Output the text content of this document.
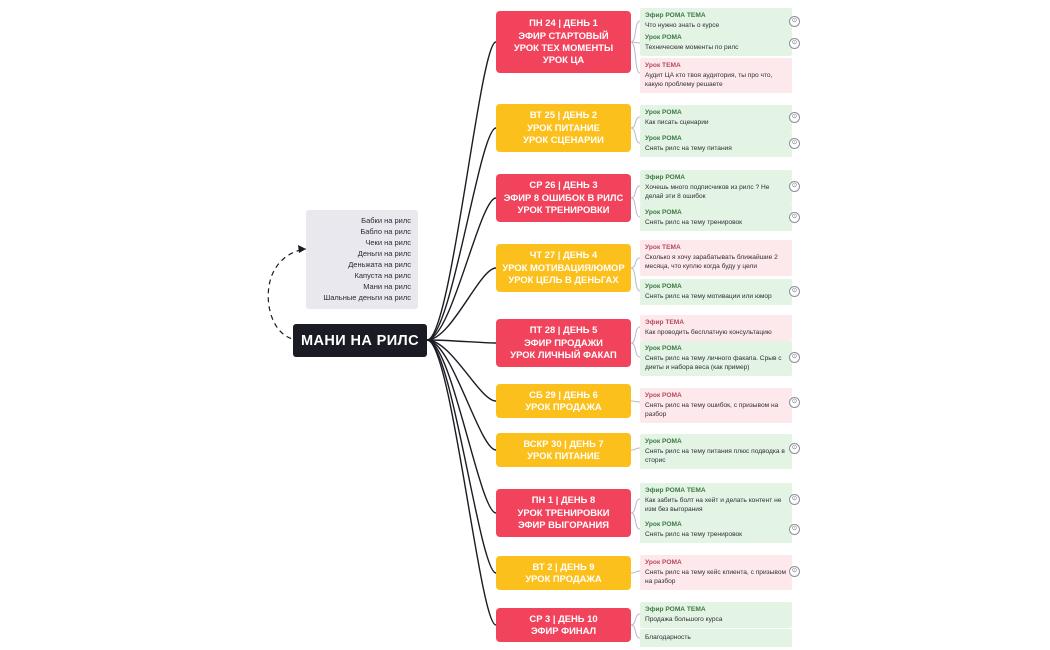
Бабки на рилс
Бабло на рилс
Чеки на рилс
Деньги на рилс
Деньжата на рилс
Капуста на рилс
Мани на рилс
Шальные деньги на рилс
МАНИ НА РИЛС
ПН 24 | ДЕНЬ 1
ЭФИР СТАРТОВЫЙ
УРОК ТЕХ МОМЕНТЫ
УРОК ЦА
Эфир РОМА ТЕМА
Что нужно знать о курсе
⊙
Урок РОМА
Технические моменты по рилс
⊙
Урок ТЕМА
Аудит ЦА кто твоя аудитория, ты про что, какую проблему решаете
ВТ 25 | ДЕНЬ 2
УРОК ПИТАНИЕ
УРОК СЦЕНАРИИ
Урок РОМА
Как писать сценарии
⊙
Урок РОМА
Снять рилс на тему питания
⊙
СР 26 | ДЕНЬ 3
ЭФИР 8 ОШИБОК В РИЛС
УРОК ТРЕНИРОВКИ
Эфир РОМА
Хочешь много подписчиков из рилс ? Не делай эти 8 ошибок
⊙
Урок РОМА
Снять рилс на тему тренировок
⊙
ЧТ 27 | ДЕНЬ 4
УРОК МОТИВАЦИЯ/ЮМОР
УРОК ЦЕЛЬ В ДЕНЬГАХ
Урок ТЕМА
Сколько я хочу зарабатывать ближайшие 2 месяца, что куплю когда буду у цели
Урок РОМА
Снять рилс на тему мотивации или юмор
⊙
ПТ 28 | ДЕНЬ 5
ЭФИР ПРОДАЖИ
УРОК ЛИЧНЫЙ ФАКАП
Эфир ТЕМА
Как проводить бесплатную консультацию
Урок РОМА
Снять рилс на тему личного факапа. Срыв с диеты и набора веса (как пример)
⊙
СБ 29 | ДЕНЬ 6
УРОК ПРОДАЖА
Урок РОМА
Снять рилс на тему ошибок, с призывом на разбор
⊙
ВСКР 30 | ДЕНЬ 7
УРОК ПИТАНИЕ
Урок РОМА
Снять рилс на тему питания плюс подводка в сторис
⊙
ПН 1 | ДЕНЬ 8
УРОК ТРЕНИРОВКИ
ЭФИР ВЫГОРАНИЯ
Эфир РОМА ТЕМА
Как забить болт на хейт и делать контент не изм без выгорания
⊙
Урок РОМА
Снять рилс на тему тренировок
⊙
ВТ 2 | ДЕНЬ 9
УРОК ПРОДАЖА
Урок РОМА
Снять рилс на тему кейс клиента, с призывом на разбор
⊙
СР 3 | ДЕНЬ 10
ЭФИР ФИНАЛ
Эфир РОМА ТЕМА
Продажа большого курса
Благодарность
